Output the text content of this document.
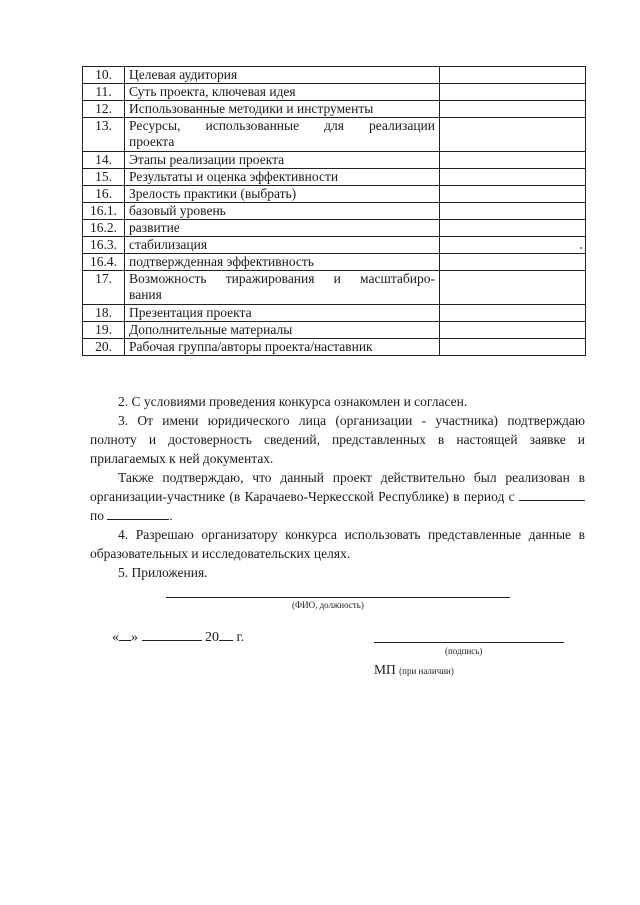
10.	Целевая аудитория	
11.	Суть проекта, ключевая идея	
12.	Использованные методики и инструменты	
13.	Ресурсы, использованные для реализации
проекта	

14.	Этапы реализации проекта	
15.	Результаты и оценка эффективности	
16.	Зрелость практики (выбрать)	
16.1.	базовый уровень	
16.2.	развитие	
16.3.	стабилизация	
16.4.	подтвержденная эффективность	
17.	Возможность тиражирования и масштабиро-
вания	

18.	Презентация проекта	
19.	Дополнительные материалы	
20.	Рабочая группа/авторы проекта/наставник	

2. С условиями проведения конкурса ознакомлен и согласен.

3. От имени юридического лица (организации - участника) подтверждаю полноту и достоверность сведений, представленных в настоящей заявке и прилагаемых к ней документах.

Также подтверждаю, что данный проект действительно был реализован в организации-участнике (в Карачаево-Черкесской Республике) в период с  по	.

4. Разрешаю организатору конкурса использовать представленные данные в образовательных и исследовательских целях.

5. Приложения.

(ФИО, должность)
« »	20 г.
(подпись)
МП (при наличии)
